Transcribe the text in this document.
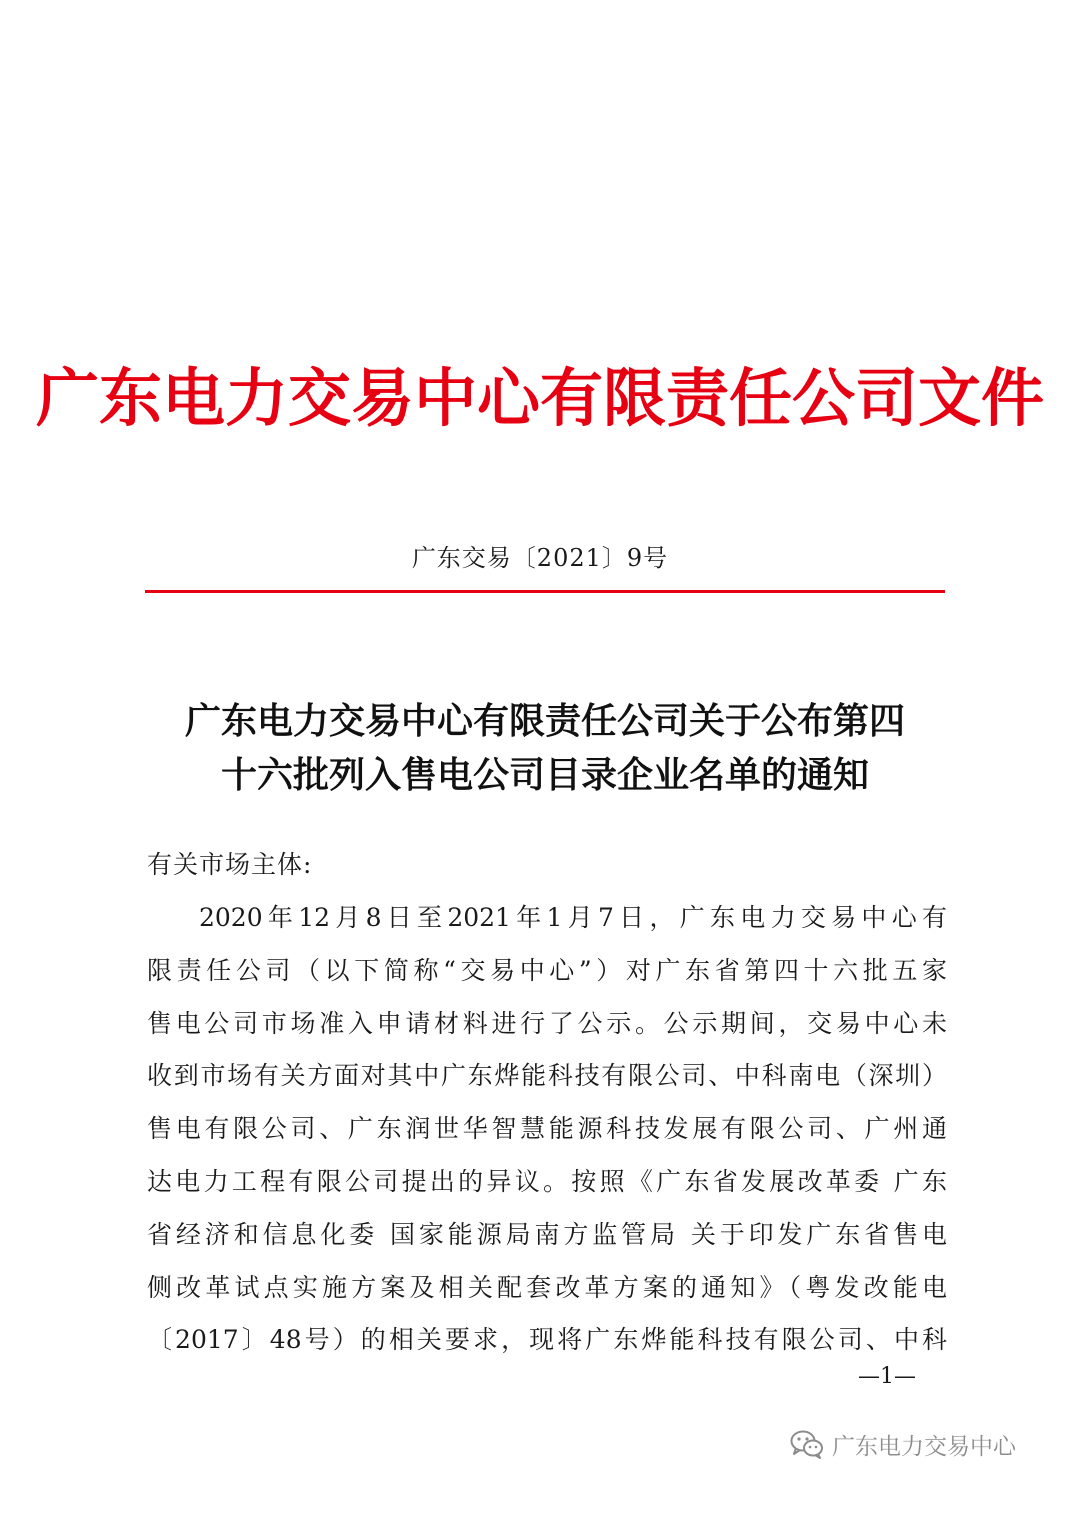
广东电力交易中心有限责任公司文件
广东交易〔2021〕9号
广东电力交易中心有限责任公司关于公布第四
十六批列入售电公司目录企业名单的通知
有关市场主体:
2020年12月8日至2021年1月7日，广东电力交易中心有
限责任公司（以下简称“交易中心”）对广东省第四十六批五家
售电公司市场准入申请材料进行了公示。公示期间，交易中心未
收到市场有关方面对其中广东烨能科技有限公司、中科南电（深圳）
售电有限公司、广东润世华智慧能源科技发展有限公司、广州通
达电力工程有限公司提出的异议。按照《广东省发展改革委 广东
省经济和信息化委 国家能源局南方监管局 关于印发广东省售电
侧改革试点实施方案及相关配套改革方案的通知》（粤发改能电
〔2017〕48号）的相关要求，现将广东烨能科技有限公司、中科
—1—
广东电力交易中心
